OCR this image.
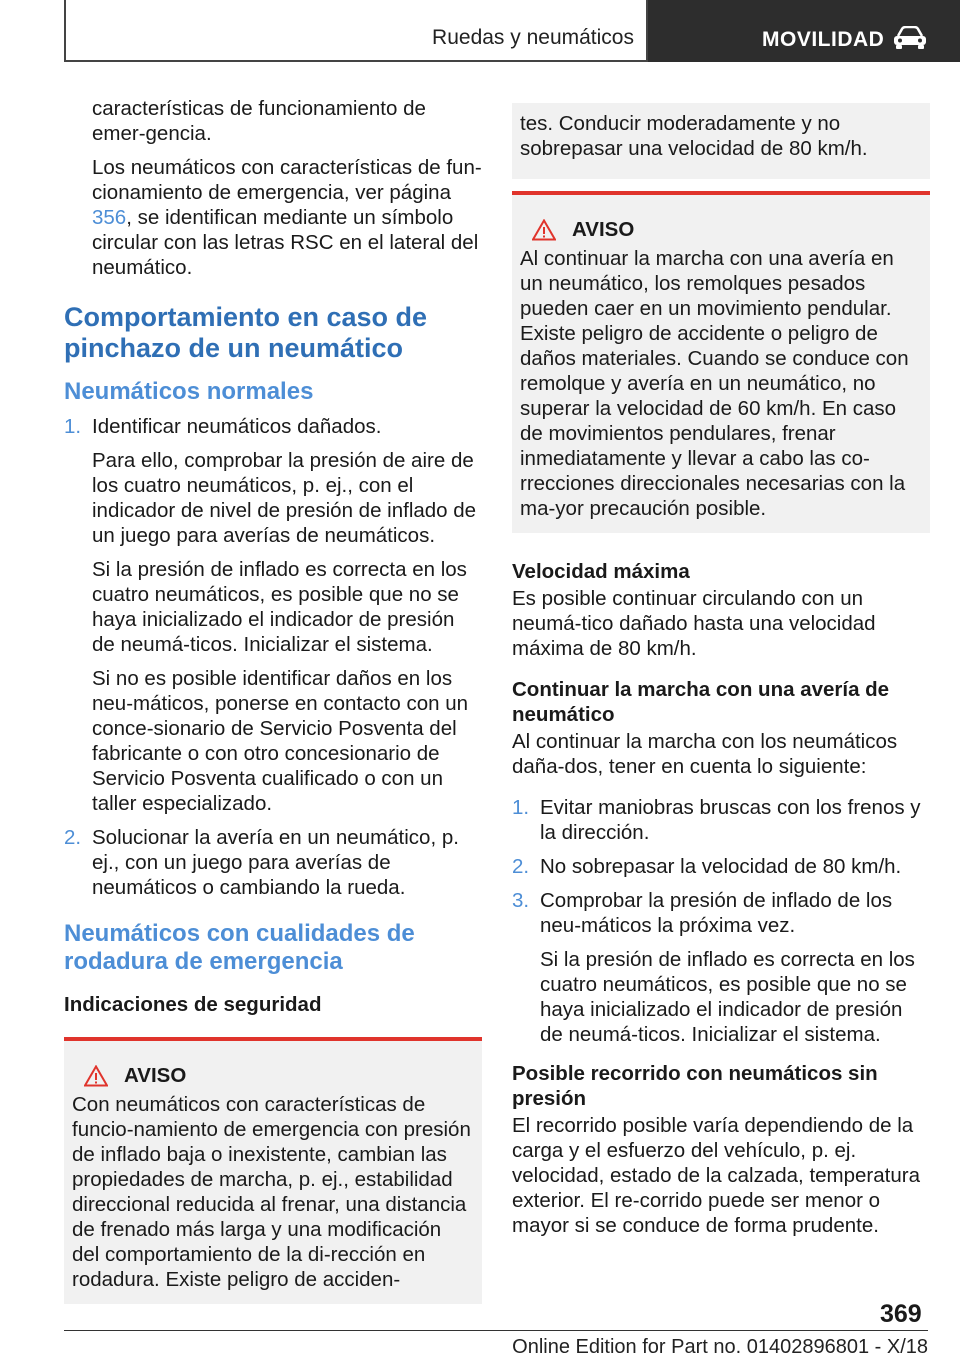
Ruedas y neumáticos	MOVILIDAD

características de funcionamiento de emer-gencia.

Los neumáticos con características de fun-cionamiento de emergencia, ver página 356, se identifican mediante un símbolo circular con las letras RSC en el lateral del neumático.

Comportamiento en caso de pinchazo de un neumático
Neumáticos normales
1. Identificar neumáticos dañados.

Para ello, comprobar la presión de aire de los cuatro neumáticos, p. ej., con el indicador de nivel de presión de inflado de un juego para averías de neumáticos.

Si la presión de inflado es correcta en los cuatro neumáticos, es posible que no se haya inicializado el indicador de presión de neumá-ticos. Inicializar el sistema.

Si no es posible identificar daños en los neu-máticos, ponerse en contacto con un conce-sionario de Servicio Posventa del fabricante o con otro concesionario de Servicio Posventa cualificado o con un taller especializado.

2. Solucionar la avería en un neumático, p. ej., con un juego para averías de neumáticos o cambiando la rueda.

Neumáticos con cualidades de rodadura de emergencia
Indicaciones de seguridad
AVISO

Con neumáticos con características de funcio-namiento de emergencia con presión de inflado baja o inexistente, cambian las propiedades de marcha, p. ej., estabilidad direccional reducida al frenar, una distancia de frenado más larga y una modificación del comportamiento de la di-rección en rodadura. Existe peligro de acciden-

tes. Conducir moderadamente y no sobrepasar una velocidad de 80 km/h.

AVISO

Al continuar la marcha con una avería en un neumático, los remolques pesados pueden caer en un movimiento pendular. Existe peligro de accidente o peligro de daños materiales. Cuando se conduce con remolque y avería en un neumático, no superar la velocidad de 60 km/h. En caso de movimientos pendulares, frenar inmediatamente y llevar a cabo las co-rrecciones direccionales necesarias con la ma-yor precaución posible.

Velocidad máxima

Es posible continuar circulando con un neumá-tico dañado hasta una velocidad máxima de 80 km/h.

Continuar la marcha con una avería de neumático

Al continuar la marcha con los neumáticos daña-dos, tener en cuenta lo siguiente:

1. Evitar maniobras bruscas con los frenos y la dirección.

2. No sobrepasar la velocidad de 80 km/h.

3. Comprobar la presión de inflado de los neu-máticos la próxima vez.

Si la presión de inflado es correcta en los cuatro neumáticos, es posible que no se haya inicializado el indicador de presión de neumá-ticos. Inicializar el sistema.

Posible recorrido con neumáticos sin presión

El recorrido posible varía dependiendo de la carga y el esfuerzo del vehículo, p. ej. velocidad, estado de la calzada, temperatura exterior. El re-corrido puede ser menor o mayor si se conduce de forma prudente.

369
Online Edition for Part no. 01402896801 - X/18
